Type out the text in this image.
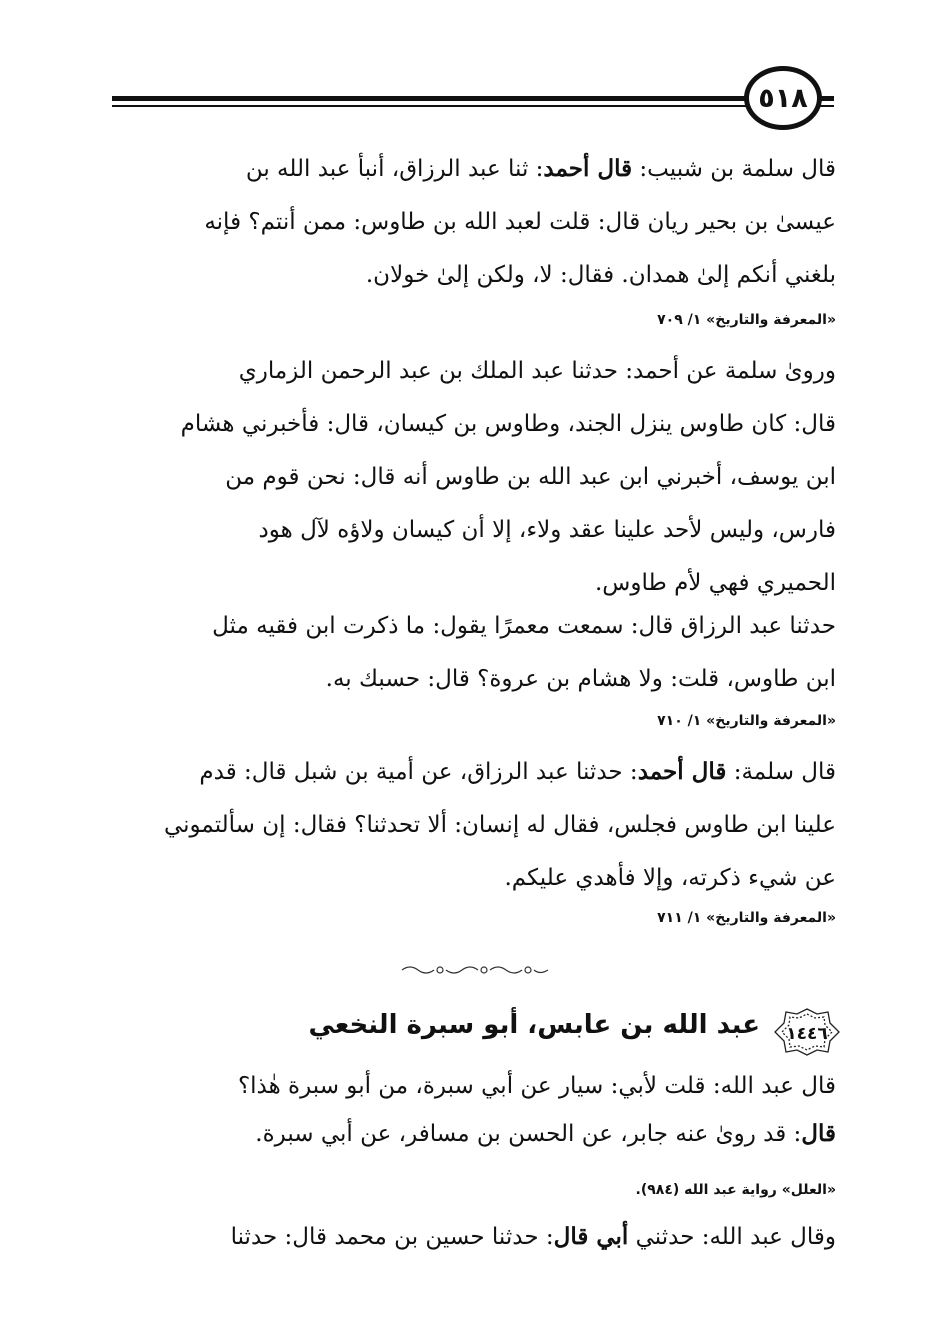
٥١٨

قال سلمة بن شبيب: قال أحمد: ثنا عبد الرزاق، أنبأ عبد الله بن
عيسىٰ بن بحير ريان قال: قلت لعبد الله بن طاوس: ممن أنتم؟ فإنه
بلغني أنكم إلىٰ همدان. فقال: لا، ولكن إلىٰ خولان.

«المعرفة والتاريخ» ١/ ٧٠٩

ورویٰ سلمة عن أحمد: حدثنا عبد الملك بن عبد الرحمن الزماري
قال: كان طاوس ينزل الجند، وطاوس بن كيسان، قال: فأخبرني هشام
ابن يوسف، أخبرني ابن عبد الله بن طاوس أنه قال: نحن قوم من
فارس، وليس لأحد علينا عقد ولاء، إلا أن كيسان ولاؤه لآل هود
الحميري فهي لأم طاوس.

حدثنا عبد الرزاق قال: سمعت معمرًا يقول: ما ذكرت ابن فقيه مثل
ابن طاوس، قلت: ولا هشام بن عروة؟ قال: حسبك به.

«المعرفة والتاريخ» ١/ ٧١٠

قال سلمة: قال أحمد: حدثنا عبد الرزاق، عن أمية بن شبل قال: قدم
علينا ابن طاوس فجلس، فقال له إنسان: ألا تحدثنا؟ فقال: إن سألتموني
عن شيء ذكرته، وإلا فأهدي عليكم.

«المعرفة والتاريخ» ١/ ٧١١
١٤٤٦
عبد الله بن عابس، أبو سبرة النخعي

قال عبد الله: قلت لأبي: سيار عن أبي سبرة، من أبو سبرة هٰذا؟
قال: قد رویٰ عنه جابر، عن الحسن بن مسافر، عن أبي سبرة.

«العلل» رواية عبد الله (٩٨٤).

وقال عبد الله: حدثني أبي قال: حدثنا حسين بن محمد قال: حدثنا
